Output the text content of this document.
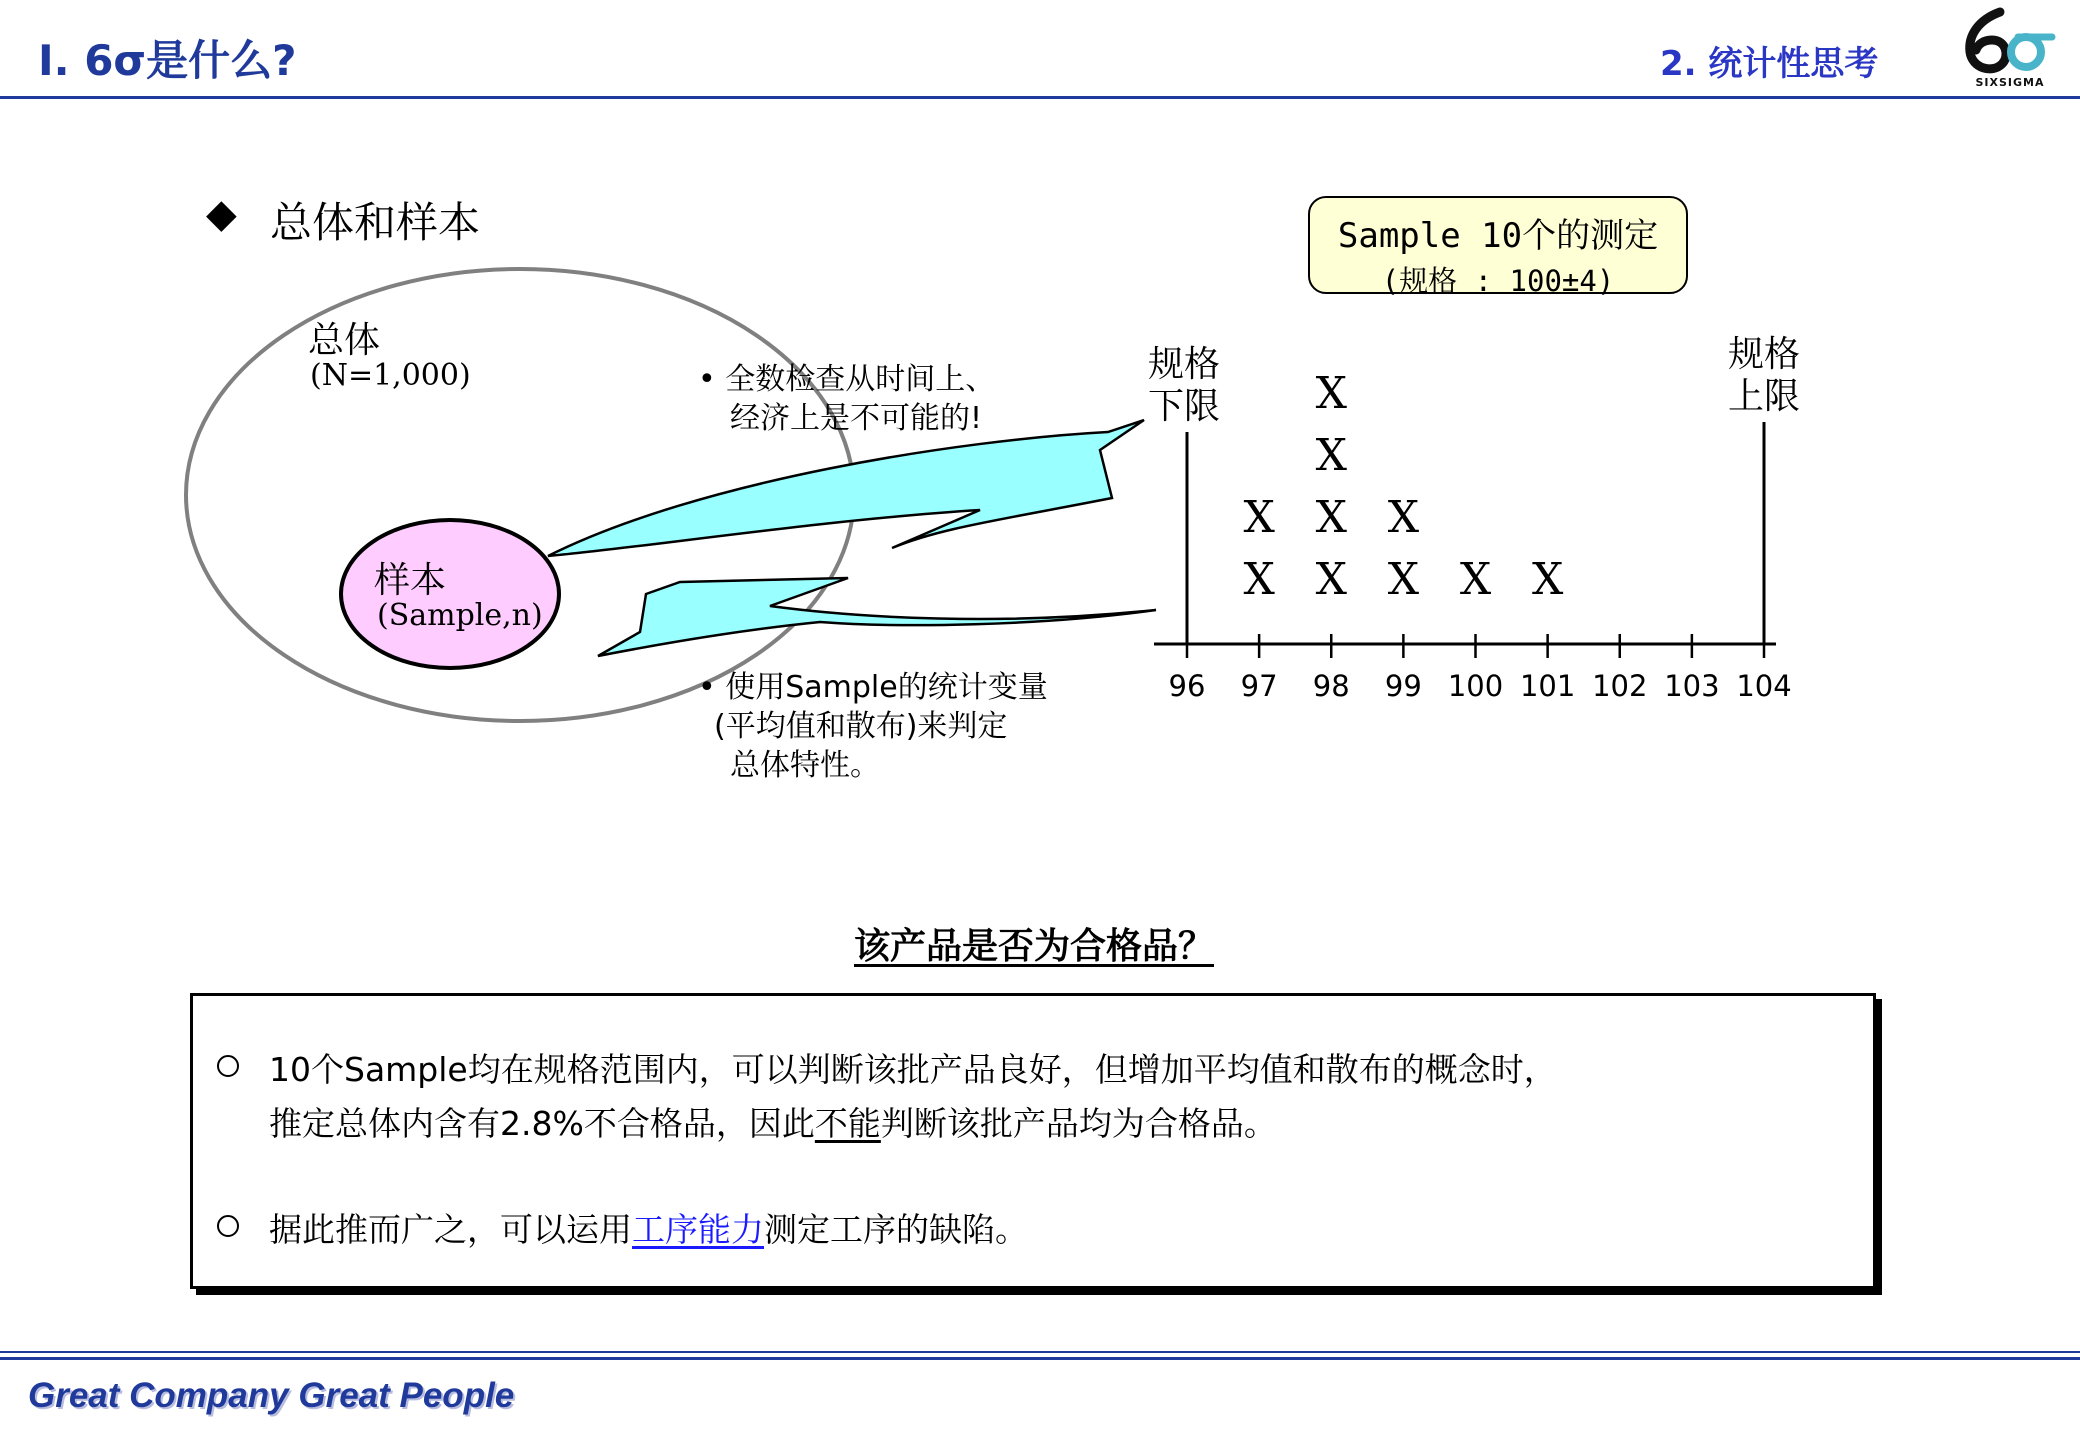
Ⅰ. 6σ是什么?	2. 统计性思考	SIXSIGMA
◆ 总体和样本
96 97 98 99 100 101 102 103 104
X
X
X
X
X
X
X
X
X X
总体
(N=1,000)
样本
(Sample,n)
• 全数检查从时间上、
经济上是不可能的!
• 使用Sample的统计变量
(平均值和散布)来判定
总体特性。
Sample 10个的测定
(规格 : 100±4)
规格
下限
规格
上限
该产品是否为合格品？
10个Sample均在规格范围内，可以判断该批产品良好，但增加平均值和散布的概念时，
推定总体内含有2.8%不合格品，因此不能判断该批产品均为合格品。
据此推而广之，可以运用工序能力测定工序的缺陷。
Great Company Great People
